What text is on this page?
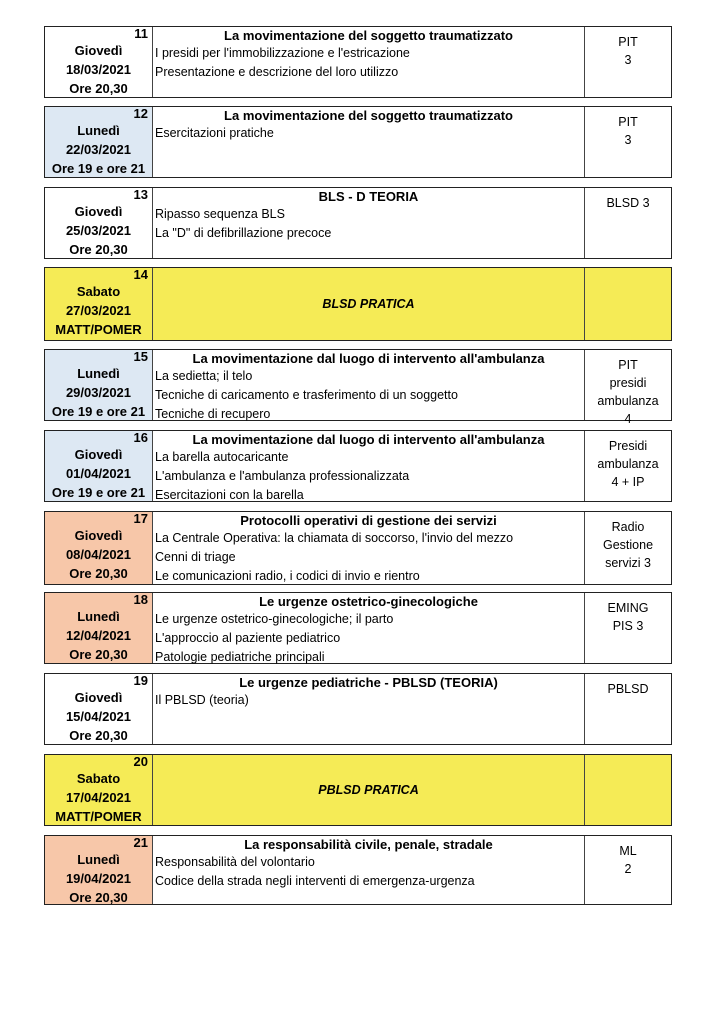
11
Giovedì
18/03/2021
Ore 20,30
La movimentazione del soggetto traumatizzato
I presidi per l'immobilizzazione e l'estricazione
Presentazione e descrizione del loro utilizzo
PIT
3
12
Lunedì
22/03/2021
Ore 19 e ore 21
La movimentazione del soggetto traumatizzato
Esercitazioni pratiche
PIT
3
13
Giovedì
25/03/2021
Ore 20,30
BLS - D TEORIA
Ripasso sequenza BLS
La "D" di defibrillazione precoce
BLSD 3
14
Sabato
27/03/2021
MATT/POMER
BLSD PRATICA
15
Lunedì
29/03/2021
Ore 19 e ore 21
La movimentazione dal luogo di intervento all'ambulanza
La sedietta; il telo
Tecniche di caricamento e trasferimento di un soggetto
Tecniche di recupero
PIT
presidi
ambulanza
4
16
Giovedì
01/04/2021
Ore 19 e ore 21
La movimentazione dal luogo di intervento all'ambulanza
La barella autocaricante
L'ambulanza e l'ambulanza professionalizzata
Esercitazioni con la barella
Presidi
ambulanza
4 + IP
17
Giovedì
08/04/2021
Ore 20,30
Protocolli operativi di gestione dei servizi
La Centrale Operativa: la chiamata di soccorso, l'invio del mezzo
Cenni di triage
Le comunicazioni radio, i codici di invio e rientro
Radio Gestione
servizi 3
18
Lunedì
12/04/2021
Ore 20,30
Le urgenze ostetrico-ginecologiche
Le urgenze ostetrico-ginecologiche; il parto
L'approccio al paziente pediatrico
Patologie pediatriche principali
EMING
PIS 3
19
Giovedì
15/04/2021
Ore 20,30
Le urgenze pediatriche - PBLSD (TEORIA)
Il PBLSD (teoria)
PBLSD
20
Sabato
17/04/2021
MATT/POMER
PBLSD PRATICA
21
Lunedì
19/04/2021
Ore 20,30
La responsabilità civile, penale, stradale
Responsabilità del volontario
Codice della strada negli interventi di emergenza-urgenza
ML
2
